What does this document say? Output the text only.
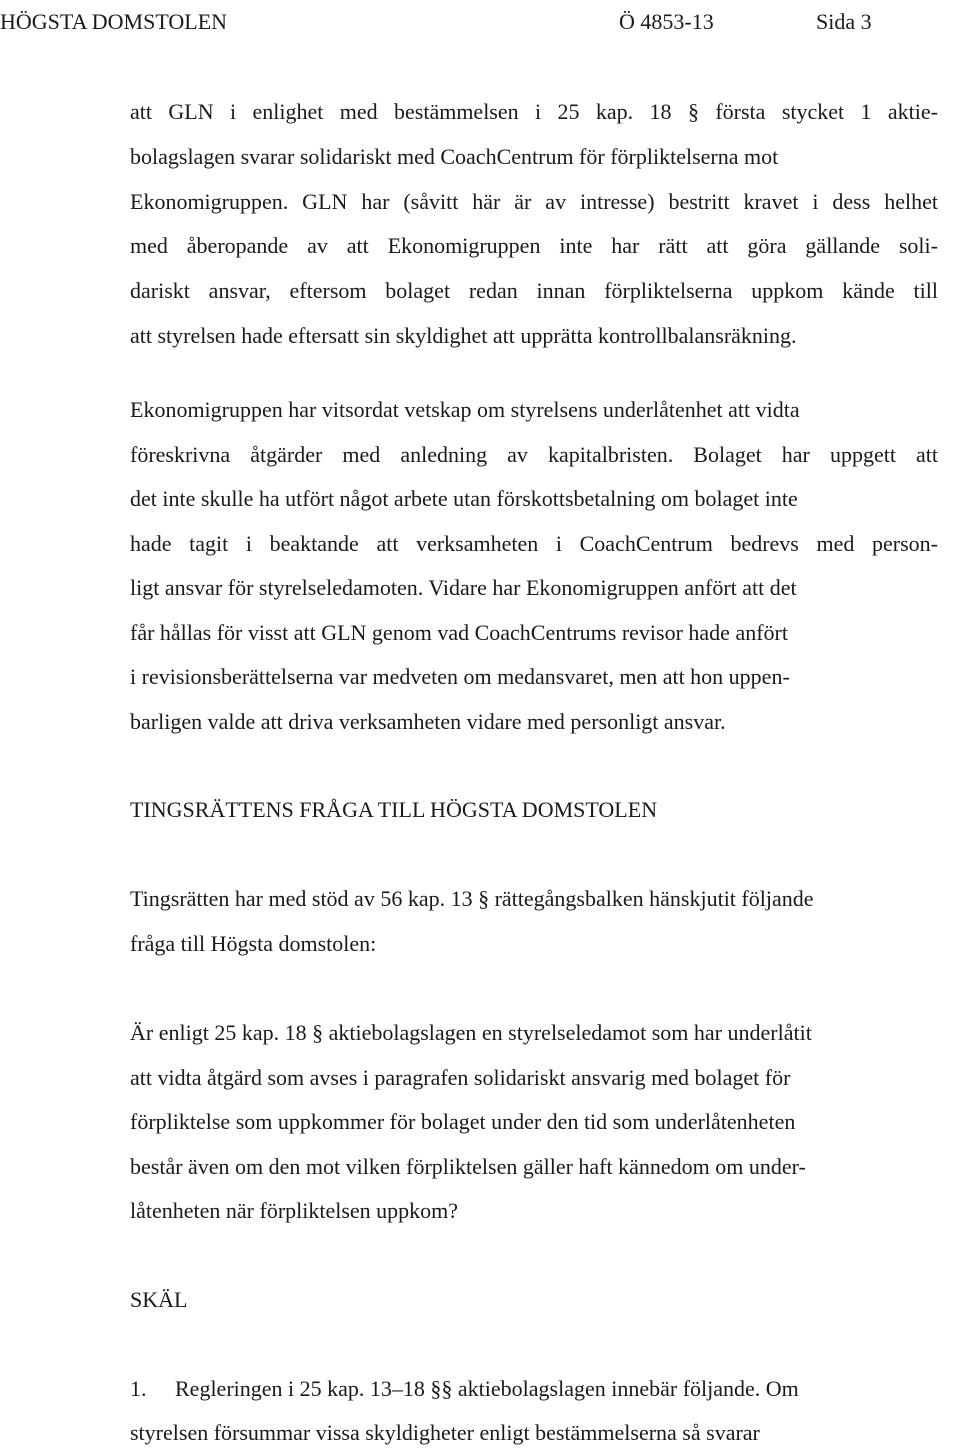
HÖGSTA DOMSTOLEN	Ö 4853-13	Sida 3
att GLN i enlighet med bestämmelsen i 25 kap. 18 § första stycket 1 aktie-
bolagslagen svarar solidariskt med CoachCentrum för förpliktelserna mot
Ekonomigruppen. GLN har (såvitt här är av intresse) bestritt kravet i dess helhet
med åberopande av att Ekonomigruppen inte har rätt att göra gällande soli-
dariskt ansvar, eftersom bolaget redan innan förpliktelserna uppkom kände till
att styrelsen hade eftersatt sin skyldighet att upprätta kontrollbalansräkning.
Ekonomigruppen har vitsordat vetskap om styrelsens underlåtenhet att vidta
föreskrivna åtgärder med anledning av kapitalbristen. Bolaget har uppgett att
det inte skulle ha utfört något arbete utan förskottsbetalning om bolaget inte
hade tagit i beaktande att verksamheten i CoachCentrum bedrevs med person-
ligt ansvar för styrelseledamoten. Vidare har Ekonomigruppen anfört att det
får hållas för visst att GLN genom vad CoachCentrums revisor hade anfört
i revisionsberättelserna var medveten om medansvaret, men att hon uppen-
barligen valde att driva verksamheten vidare med personligt ansvar.
TINGSRÄTTENS FRÅGA TILL HÖGSTA DOMSTOLEN
Tingsrätten har med stöd av 56 kap. 13 § rättegångsbalken hänskjutit följande
fråga till Högsta domstolen:
Är enligt 25 kap. 18 § aktiebolagslagen en styrelseledamot som har underlåtit
att vidta åtgärd som avses i paragrafen solidariskt ansvarig med bolaget för
förpliktelse som uppkommer för bolaget under den tid som underlåtenheten
består även om den mot vilken förpliktelsen gäller haft kännedom om under-
låtenheten när förpliktelsen uppkom?
SKÄL
1. Regleringen i 25 kap. 13–18 §§ aktiebolagslagen innebär följande. Om
styrelsen försummar vissa skyldigheter enligt bestämmelserna så svarar
